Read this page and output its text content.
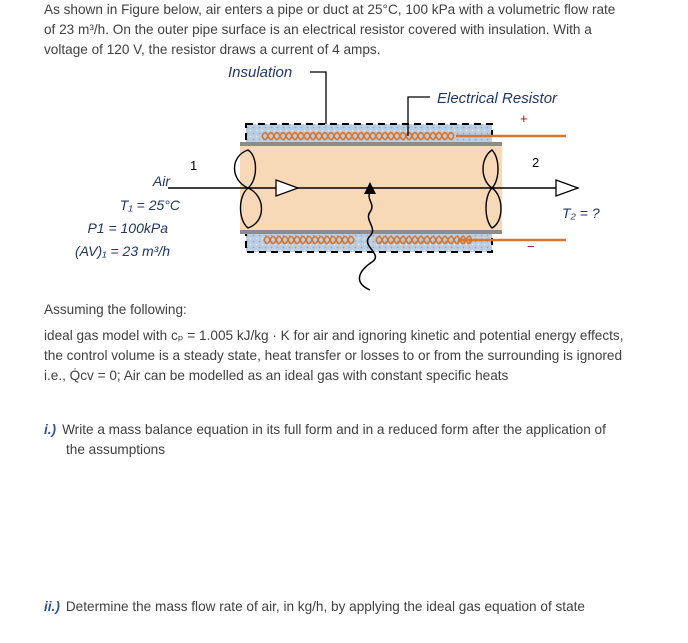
As shown in Figure below, air enters a pipe or duct at 25°C, 100 kPa with a volumetric flow rate
of 23 m³/h. On the outer pipe surface is an electrical resistor covered with insulation. With a
voltage of 120 V, the resistor draws a current of 4 amps.
+
−
Insulation
Electrical Resistor
1	2
Air
T₁ = 25°C
P1 = 100kPa
(AV)₁ = 23 m³/h
T₂ = ?
Assuming the following:
ideal gas model with cₚ = 1.005 kJ/kg · K for air and ignoring kinetic and potential energy effects,
the control volume is a steady state, heat transfer or losses to or from the surrounding is ignored
i.e., Q̇cv = 0; Air can be modelled as an ideal gas with constant specific heats
i.) Write a mass balance equation in its full form and in a reduced form after the application of
the assumptions
ii.) Determine the mass flow rate of air, in kg/h, by applying the ideal gas equation of state
